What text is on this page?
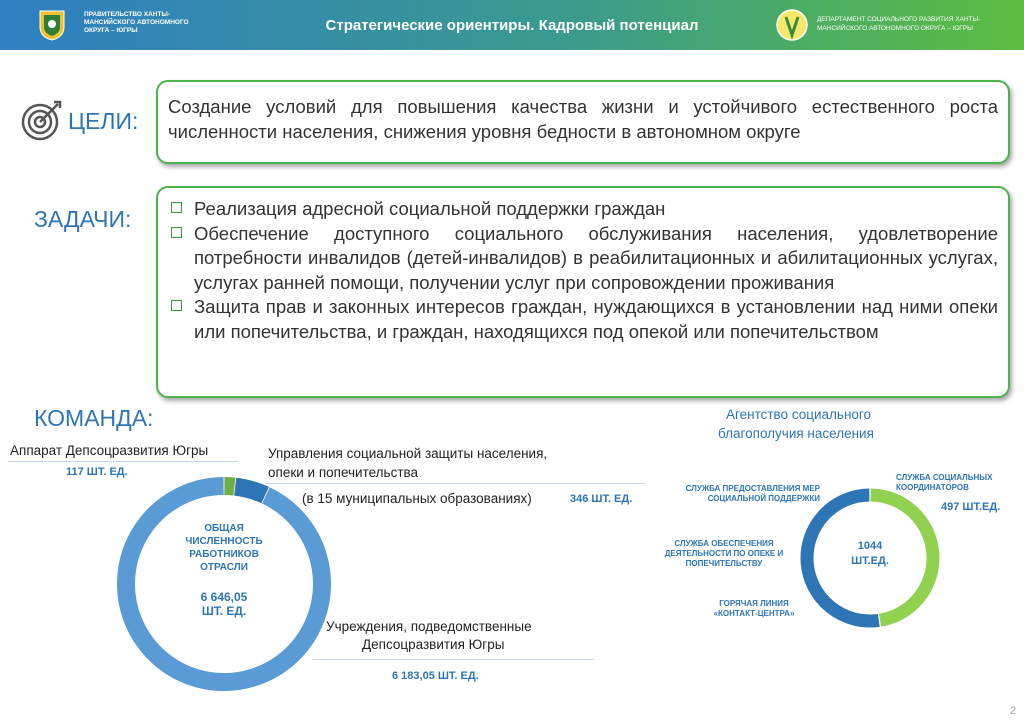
ПРАВИТЕЛЬСТВО ХАНТЫ-МАНСИЙСКОГО АВТОНОМНОГО ОКРУГА – ЮГРЫ	Стратегические ориентиры. Кадровый потенциал	ДЕПАРТАМЕНТ СОЦИАЛЬНОГО РАЗВИТИЯ ХАНТЫ-МАНСИЙСКОГО АВТОНОМНОГО ОКРУГА – ЮГРЫ
ЦЕЛИ:
Создание условий для повышения качества жизни и устойчивого естественного роста численности населения, снижения уровня бедности в автономном округе
ЗАДАЧИ:	Реализация адресной социальной поддержки граждан
Обеспечение доступного социального обслуживания населения, удовлетворение потребности инвалидов (детей-инвалидов) в реабилитационных и абилитационных услугах, услугах ранней помощи, получении услуг при сопровождении проживания
Защита прав и законных интересов граждан, нуждающихся в установлении над ними опеки или попечительства, и граждан, находящихся под опекой или попечительством
КОМАНДА:
Аппарат Депсоцразвития Югры
117 ШТ. ЕД.
Управления социальной защиты населения,
опеки и попечительства
(в 15 муниципальных образованиях)	346 ШТ. ЕД.
Учреждения, подведомственные
Депсоцразвития Югры
6 183,05 ШТ. ЕД.
ОБЩАЯ ЧИСЛЕННОСТЬ РАБОТНИКОВ ОТРАСЛИ
6 646,05
ШТ. ЕД.
Агентство социального
благополучия населения
СЛУЖБА ПРЕДОСТАВЛЕНИЯ МЕР СОЦИАЛЬНОЙ ПОДДЕРЖКИ
СЛУЖБА ОБЕСПЕЧЕНИЯ ДЕЯТЕЛЬНОСТИ ПО ОПЕКЕ И ПОПЕЧИТЕЛЬСТВУ
ГОРЯЧАЯ ЛИНИЯ «КОНТАКТ-ЦЕНТРА»
СЛУЖБА СОЦИАЛЬНЫХ КООРДИНАТОРОВ
497 ШТ.ЕД.
1044
ШТ.ЕД.
2
